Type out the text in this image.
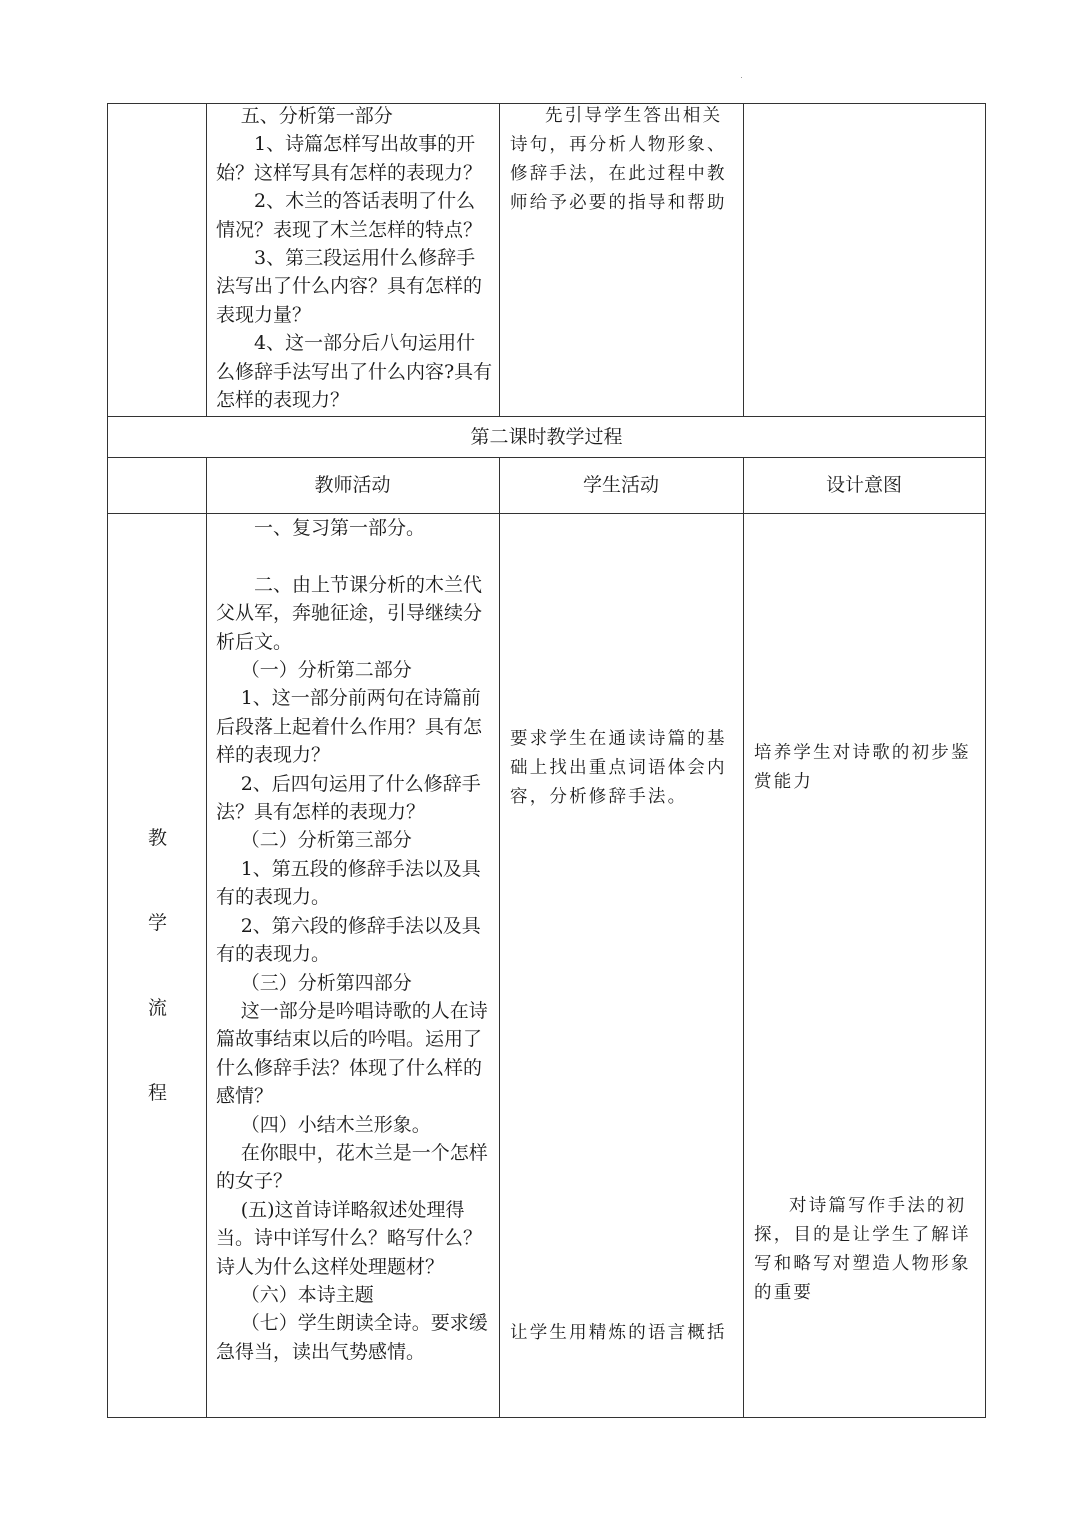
五、分析第一部分

1、诗篇怎样写出故事的开始？这样写具有怎样的表现力？

2、木兰的答话表明了什么情况？表现了木兰怎样的特点？

3、第三段运用什么修辞手法写出了什么内容？具有怎样的表现力量？

4、这一部分后八句运用什么修辞手法写出了什么内容?具有怎样的表现力？

先引导学生答出相关诗句，再分析人物形象、修辞手法，在此过程中教师给予必要的指导和帮助

第二课时教学过程
教师活动	学生活动	设计意图
教
学
流
程

一、复习第一部分。

二、由上节课分析的木兰代父从军，奔驰征途，引导继续分析后文。

（一）分析第二部分

1、这一部分前两句在诗篇前后段落上起着什么作用？具有怎样的表现力？

2、后四句运用了什么修辞手法？具有怎样的表现力？

（二）分析第三部分

1、第五段的修辞手法以及具有的表现力。

2、第六段的修辞手法以及具有的表现力。

（三）分析第四部分

这一部分是吟唱诗歌的人在诗篇故事结束以后的吟唱。运用了什么修辞手法？体现了什么样的感情？

（四）小结木兰形象。

在你眼中，花木兰是一个怎样的女子？

(五)这首诗详略叙述处理得当。诗中详写什么？略写什么？诗人为什么这样处理题材？

（六）本诗主题

（七）学生朗读全诗。要求缓急得当，读出气势感情。

要求学生在通读诗篇的基础上找出重点词语体会内容，分析修辞手法。
让学生用精炼的语言概括
培养学生对诗歌的初步鉴赏能力

对诗篇写作手法的初探，目的是让学生了解详写和略写对塑造人物形象的重要
